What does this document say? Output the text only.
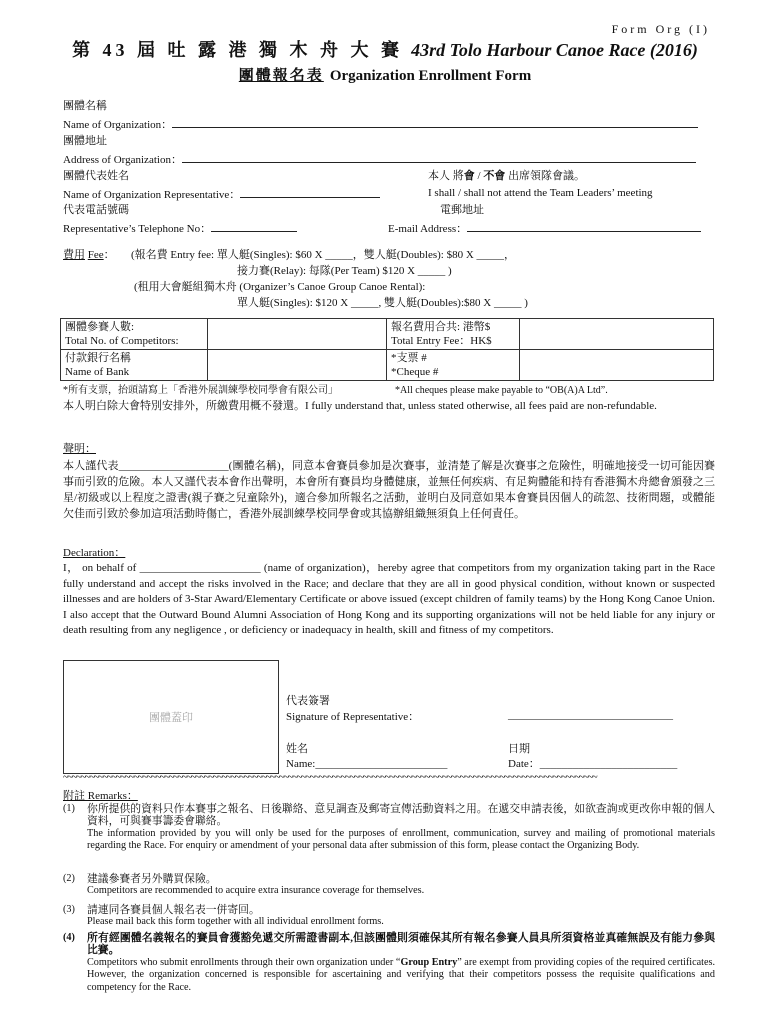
Form Org (I)
第 43 屆 吐 露 港 獨 木 舟 大 賽 43rd Tolo Harbour Canoe Race (2016)
團體報名表 Organization Enrollment Form
團體名稱
Name of Organization：
團體地址
Address of Organization：
團體代表姓名	本人 將會 / 不會 出席領隊會議。
Name of Organization Representative：	I shall / shall not attend the Team Leaders’ meeting
代表電話號碼	電郵地址
Representative’s Telephone No：	E-mail Address：
費用 Fee： (報名費 Entry fee: 單人艇(Singles): $60 X _____，雙人艇(Doubles): $80 X _____，
接力賽(Relay): 每隊(Per Team) $120 X _____ )
(租用大會艇組獨木舟 (Organizer’s Canoe Group Canoe Rental):
單人艇(Singles): $120 X _____, 雙人艇(Doubles):$80 X _____ )
團體參賽人數:
Total No. of Competitors:		報名費用合共: 港幣$
Total Entry Fee：HK$	
付款銀行名稱
Name of Bank		*支票 #
*Cheque #	
*所有支票，抬頭請寫上「香港外展訓練學校同學會有限公司」	*All cheques please make payable to “OB(A)A Ltd”.
本人明白除大會特別安排外，所繳費用概不發還。I fully understand that, unless stated otherwise, all fees paid are non-refundable.
聲明：
本人謹代表____________________(團體名稱)，同意本會賽員參加是次賽事，並清楚了解是次賽事之危險性，明確地接受一切可能因賽事而引致的危險。本人又謹代表本會作出聲明，本會所有賽員均身體健康，並無任何疾病、有足夠體能和持有香港獨木舟總會頒發之三星/初級或以上程度之證書(親子賽之兒童除外)，適合參加所報名之活動，並明白及同意如果本會賽員因個人的疏忽、技術問題，或體能欠佳而引致於參加這項活動時傷亡，香港外展訓練學校同學會或其協辦組織無須負上任何責任。
Declaration：
I， on behalf of ______________________ (name of organization)，hereby agree that competitors from my organization taking part in the Race fully understand and accept the risks involved in the Race; and declare that they are all in good physical condition, without known or suspected illnesses and are holders of 3-Star Award/Elementary Certificate or above issued (except children of family teams) by the Hong Kong Canoe Union. I also accept that the Outward Bound Alumni Association of Hong Kong and its supporting organizations will not be held liable for any injury or death resulting from any negligence , or deficiency or inadequacy in health, skill and fitness of my competitors.
團體蓋印
代表簽署
Signature of Representative：	______________________________
姓名
Name:________________________
日期
Date：_________________________
~~~~~~~~~~~~~~~~~~~~~~~~~~~~~~~~~~~~~~~~~~~~~~~~~~~~~~~~~~~~~~~~~~~~~~~~~~~~~~~~~~~~~~~~~~~~~~~~~~~~~~~~~~~~~~~~~~~~~~~~~
附註 Remarks：
(1) 你所提供的資料只作本賽事之報名、日後聯絡、意見調查及郵寄宣傳活動資料之用。在遞交申請表後，如欲查詢或更改你申報的個人資料，可與賽事籌委會聯絡。
The information provided by you will only be used for the purposes of enrollment, communication, survey and mailing of promotional materials regarding the Race. For enquiry or amendment of your personal data after submission of this form, please contact the Organizing Body.
(2) 建議參賽者另外購買保險。
Competitors are recommended to acquire extra insurance coverage for themselves.
(3) 請連同各賽員個人報名表一併寄回。
Please mail back this form together with all individual enrollment forms.
(4) 所有經團體名義報名的賽員會獲豁免遞交所需證書副本,但該團體則須確保其所有報名參賽人員具所須資格並真確無誤及有能力參與比賽。
Competitors who submit enrollments through their own organization under “Group Entry” are exempt from providing copies of the required certificates. However, the organization concerned is responsible for ascertaining and verifying that their competitors possess the requisite qualifications and competency for the Race.
